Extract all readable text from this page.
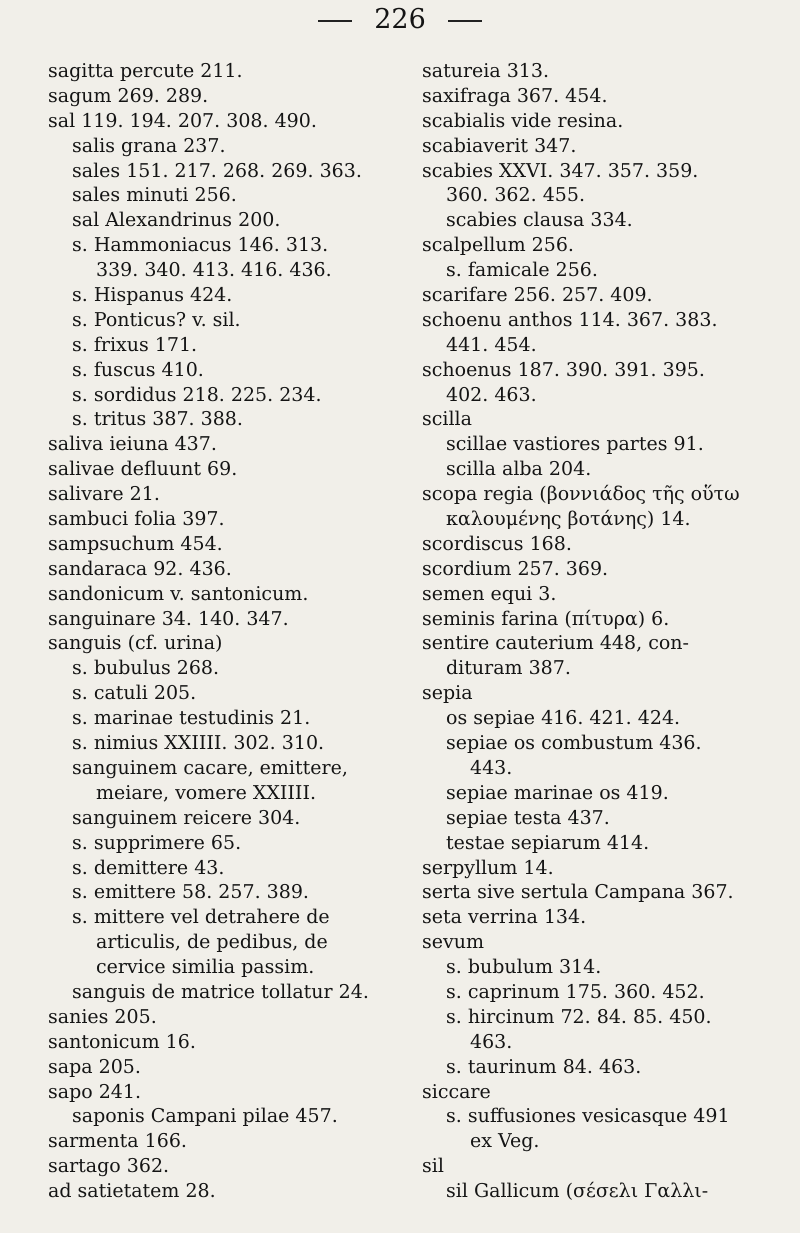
226
sagitta percute 211.
sagum 269. 289.
sal 119. 194. 207. 308. 490.
salis grana 237.
sales 151. 217. 268. 269. 363.
sales minuti 256.
sal Alexandrinus 200.
s. Hammoniacus 146. 313.
339. 340. 413. 416. 436.
s. Hispanus 424.
s. Ponticus? v. sil.
s. frixus 171.
s. fuscus 410.
s. sordidus 218. 225. 234.
s. tritus 387. 388.
saliva ieiuna 437.
salivae defluunt 69.
salivare 21.
sambuci folia 397.
sampsuchum 454.
sandaraca 92. 436.
sandonicum v. santonicum.
sanguinare 34. 140. 347.
sanguis (cf. urina)
s. bubulus 268.
s. catuli 205.
s. marinae testudinis 21.
s. nimius XXIIII. 302. 310.
sanguinem cacare, emittere,
meiare, vomere XXIIII.
sanguinem reicere 304.
s. supprimere 65.
s. demittere 43.
s. emittere 58. 257. 389.
s. mittere vel detrahere de
articulis, de pedibus, de
cervice similia passim.
sanguis de matrice tollatur 24.
sanies 205.
santonicum 16.
sapa 205.
sapo 241.
saponis Campani pilae 457.
sarmenta 166.
sartago 362.
ad satietatem 28.
satureia 313.
saxifraga 367. 454.
scabialis vide resina.
scabiaverit 347.
scabies XXVI. 347. 357. 359.
360. 362. 455.
scabies clausa 334.
scalpellum 256.
s. famicale 256.
scarifare 256. 257. 409.
schoenu anthos 114. 367. 383.
441. 454.
schoenus 187. 390. 391. 395.
402. 463.
scilla
scillae vastiores partes 91.
scilla alba 204.
scopa regia (βοννιάδος τῆς οὕτω
καλουμένης βοτάνης) 14.
scordiscus 168.
scordium 257. 369.
semen equi 3.
seminis farina (πίτυρα) 6.
sentire cauterium 448, con-
dituram 387.
sepia
os sepiae 416. 421. 424.
sepiae os combustum 436.
443.
sepiae marinae os 419.
sepiae testa 437.
testae sepiarum 414.
serpyllum 14.
serta sive sertula Campana 367.
seta verrina 134.
sevum
s. bubulum 314.
s. caprinum 175. 360. 452.
s. hircinum 72. 84. 85. 450.
463.
s. taurinum 84. 463.
siccare
s. suffusiones vesicasque 491
ex Veg.
sil
sil Gallicum (σέσελι Γαλλι-
